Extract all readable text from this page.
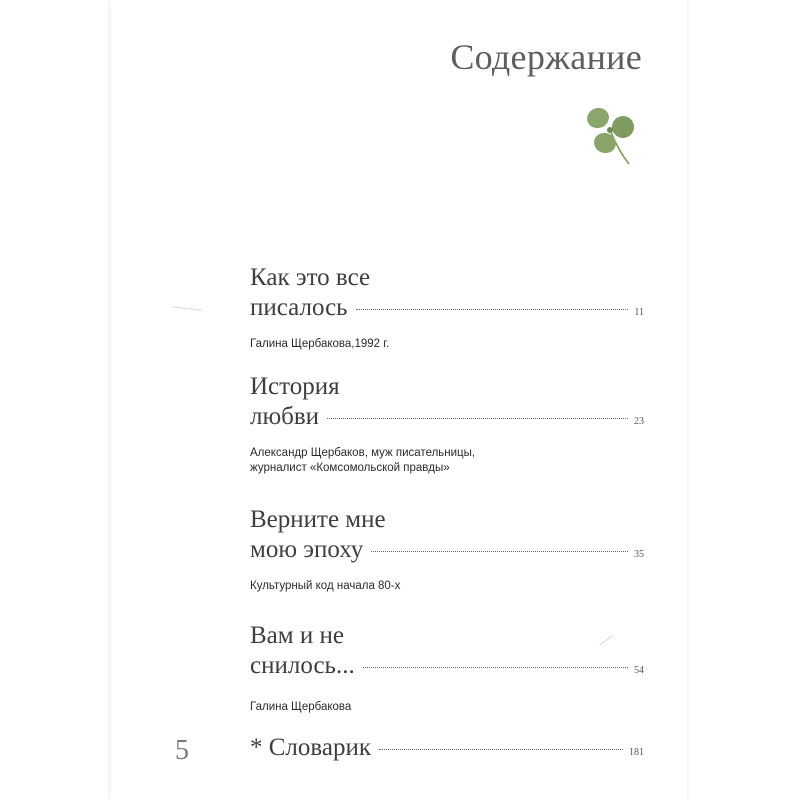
Содержание
Как это все
писалось	11
Галина Щербакова,1992 г.
История
любви	23
Александр Щербаков, муж писательницы,
журналист «Комсомольской правды»
Верните мне
мою эпоху	35
Культурный код начала 80-х
Вам и не
снилось...	54
Галина Щербакова
5 * Словарик	181
